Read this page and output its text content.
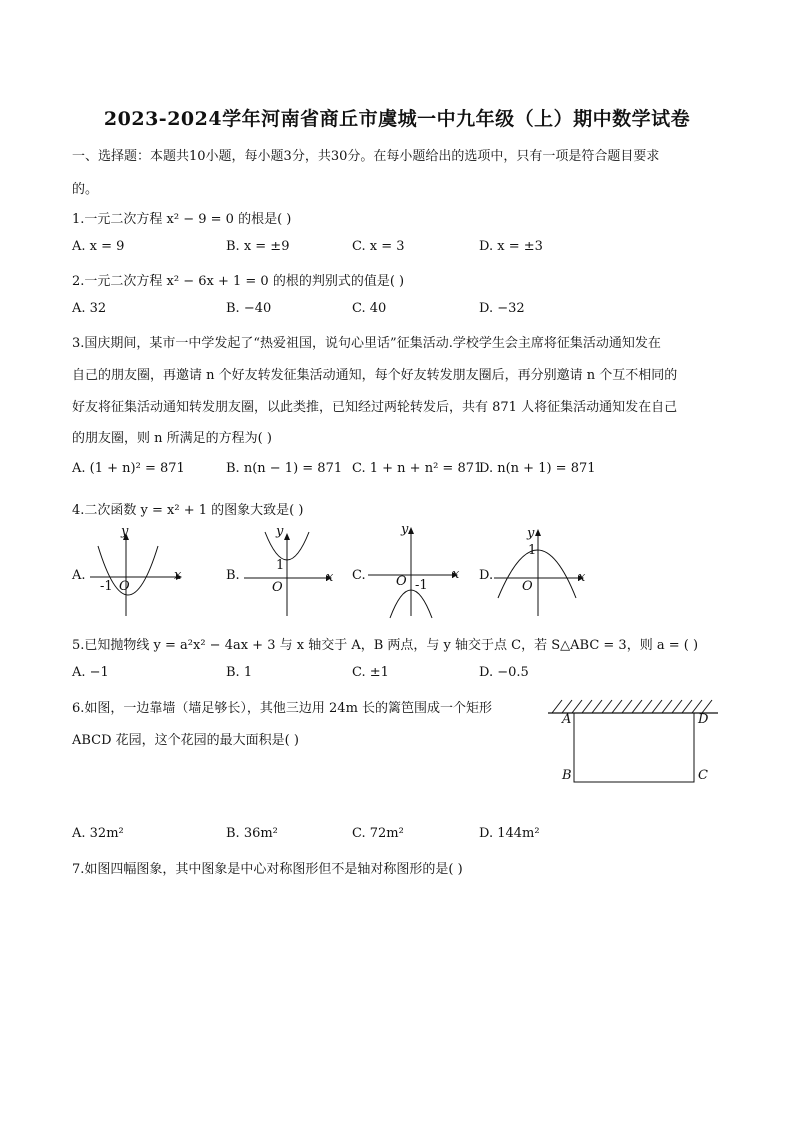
2023-2024学年河南省商丘市虞城一中九年级（上）期中数学试卷
一、选择题：本题共10小题，每小题3分，共30分。在每小题给出的选项中，只有一项是符合题目要求
的。
1.一元二次方程 x² − 9 = 0 的根是( )
A. x = 9	B. x = ±9	C. x = 3	D. x = ±3
2.一元二次方程 x² − 6x + 1 = 0 的根的判别式的值是( )
A. 32	B. −40	C. 40	D. −32
3.国庆期间，某市一中学发起了“热爱祖国，说句心里话”征集活动.学校学生会主席将征集活动通知发在
自己的朋友圈，再邀请 n 个好友转发征集活动通知，每个好友转发朋友圈后，再分别邀请 n 个互不相同的
好友将征集活动通知转发朋友圈，以此类推，已知经过两轮转发后，共有 871 人将征集活动通知发在自己
的朋友圈，则 n 所满足的方程为( )
A. (1 + n)² = 871	B. n(n − 1) = 871 C. 1 + n + n² = 871
D. n(n + 1) = 871
4.二次函数 y = x² + 1 的图象大致是( )
A.
y
x
O
-1
B.
y
x
O
1
C.
y
x
O -1
D.
y
x
O
1
5.已知抛物线 y = a²x² − 4ax + 3 与 x 轴交于 A，B 两点，与 y 轴交于点 C，若 S△ABC = 3，则 a = ( )
A. −1	B. 1	C. ±1	D. −0.5
6.如图，一边靠墙（墙足够长），其他三边用 24m 长的篱笆围成一个矩形
ABCD 花园，这个花园的最大面积是( )
A	D
B	C
A. 32m²	B. 36m²	C. 72m²	D. 144m²
7.如图四幅图象，其中图象是中心对称图形但不是轴对称图形的是( )
